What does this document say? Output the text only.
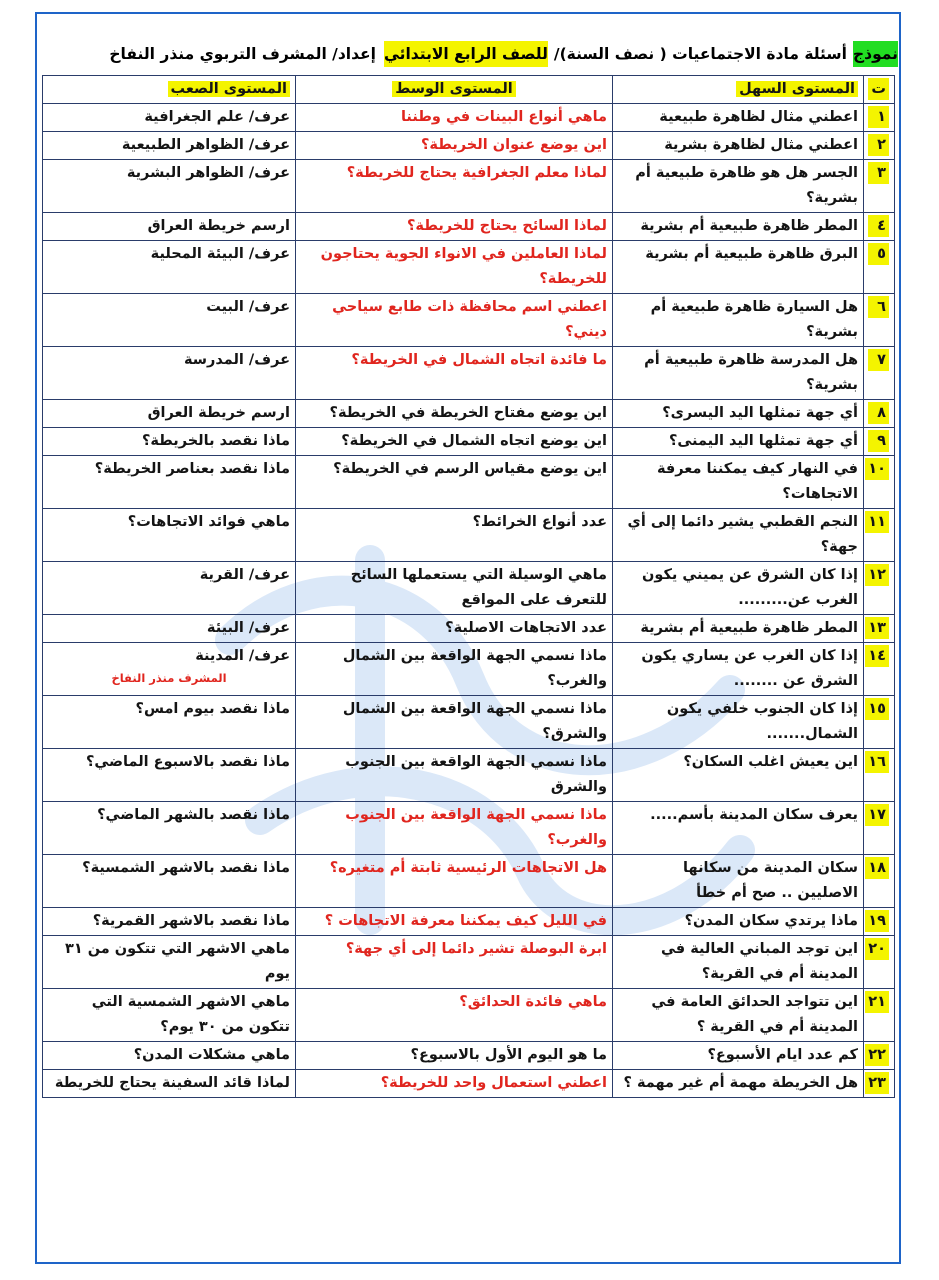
نموذج
أسئلة مادة الاجتماعيات ( نصف السنة)/
للصف الرابع الابتدائي
إعداد/ المشرف التربوي منذر النفاخ
ت	المستوى السهل	المستوى الوسط	المستوى الصعب
١	اعطني مثال لظاهرة طبيعية	ماهي أنواع البينات في وطننا	عرف/ علم الجغرافية

٢	اعطني مثال لظاهرة بشرية	اين يوضع عنوان الخريطة؟	عرف/ الظواهر الطبيعية

٣	الجسر هل هو ظاهرة طبيعية أم بشرية؟	لماذا معلم الجغرافية يحتاج للخريطة؟	عرف/ الظواهر البشرية

٤	المطر ظاهرة طبيعية أم بشرية	لماذا السائح يحتاج للخريطة؟	ارسم خريطة العراق

٥	البرق ظاهرة طبيعية أم بشرية	لماذا العاملين في الانواء الجوية يحتاجون للخريطة؟	عرف/ البيئة المحلية

٦	هل السيارة ظاهرة طبيعية أم بشرية؟	اعطني اسم محافظة ذات طابع سياحي ديني؟	عرف/ البيت

٧	هل المدرسة ظاهرة طبيعية أم بشرية؟	ما فائدة اتجاه الشمال في الخريطة؟	عرف/ المدرسة

٨	أي جهة تمثلها اليد اليسرى؟	اين يوضع مفتاح الخريطة في الخريطة؟	ارسم خريطة العراق

٩	أي جهة تمثلها اليد اليمنى؟	اين يوضع اتجاه الشمال في الخريطة؟	ماذا نقصد بالخريطة؟

١٠	في النهار كيف يمكننا معرفة الاتجاهات؟	اين يوضع مقياس الرسم في الخريطة؟	ماذا نقصد بعناصر الخريطة؟

١١	النجم القطبي يشير دائما إلى أي جهة؟	عدد أنواع الخرائط؟	ماهي فوائد الاتجاهات؟

١٢	إذا كان الشرق عن يميني يكون الغرب عن.........	ماهي الوسيلة التي يستعملها السائح للتعرف على المواقع	عرف/ القرية

١٣	المطر ظاهرة طبيعية أم بشرية	عدد الاتجاهات الاصلية؟	عرف/ البيئة

١٤	إذا كان الغرب عن يساري يكون الشرق عن ........	ماذا نسمي الجهة الواقعة بين الشمال والغرب؟	عرف/ المدينة
المشرف منذر النفاخ

١٥	إذا كان الجنوب خلفي يكون الشمال.......	ماذا نسمي الجهة الواقعة بين الشمال والشرق؟	ماذا نقصد بيوم امس؟

١٦	اين يعيش اغلب السكان؟	ماذا نسمي الجهة الواقعة بين الجنوب والشرق	ماذا نقصد بالاسبوع الماضي؟

١٧	يعرف سكان المدينة بأسم.....	ماذا نسمي الجهة الواقعة بين الجنوب والغرب؟	ماذا نقصد بالشهر الماضي؟

١٨	سكان المدينة من سكانها الاصليين .. صح أم خطأ	هل الاتجاهات الرئيسية ثابتة أم متغيره؟	ماذا نقصد بالاشهر الشمسية؟

١٩	ماذا يرتدي سكان المدن؟	في الليل كيف يمكننا معرفة الاتجاهات ؟	ماذا نقصد بالاشهر القمرية؟

٢٠	اين توجد المباني العالية في المدينة أم في القرية؟	ابرة البوصلة تشير دائما إلى أي جهة؟	ماهي الاشهر التي تتكون من ٣١ يوم

٢١	اين تتواجد الحدائق العامة في المدينة أم في القرية ؟	ماهي فائدة الحدائق؟	ماهي الاشهر الشمسية التي تتكون من ٣٠ يوم؟

٢٢	كم عدد ايام الأسبوع؟	ما هو اليوم الأول بالاسبوع؟	ماهي مشكلات المدن؟

٢٣	هل الخريطة مهمة أم غير مهمة ؟	اعطني استعمال واحد للخريطة؟	لماذا قائد السفينة يحتاج للخريطة
